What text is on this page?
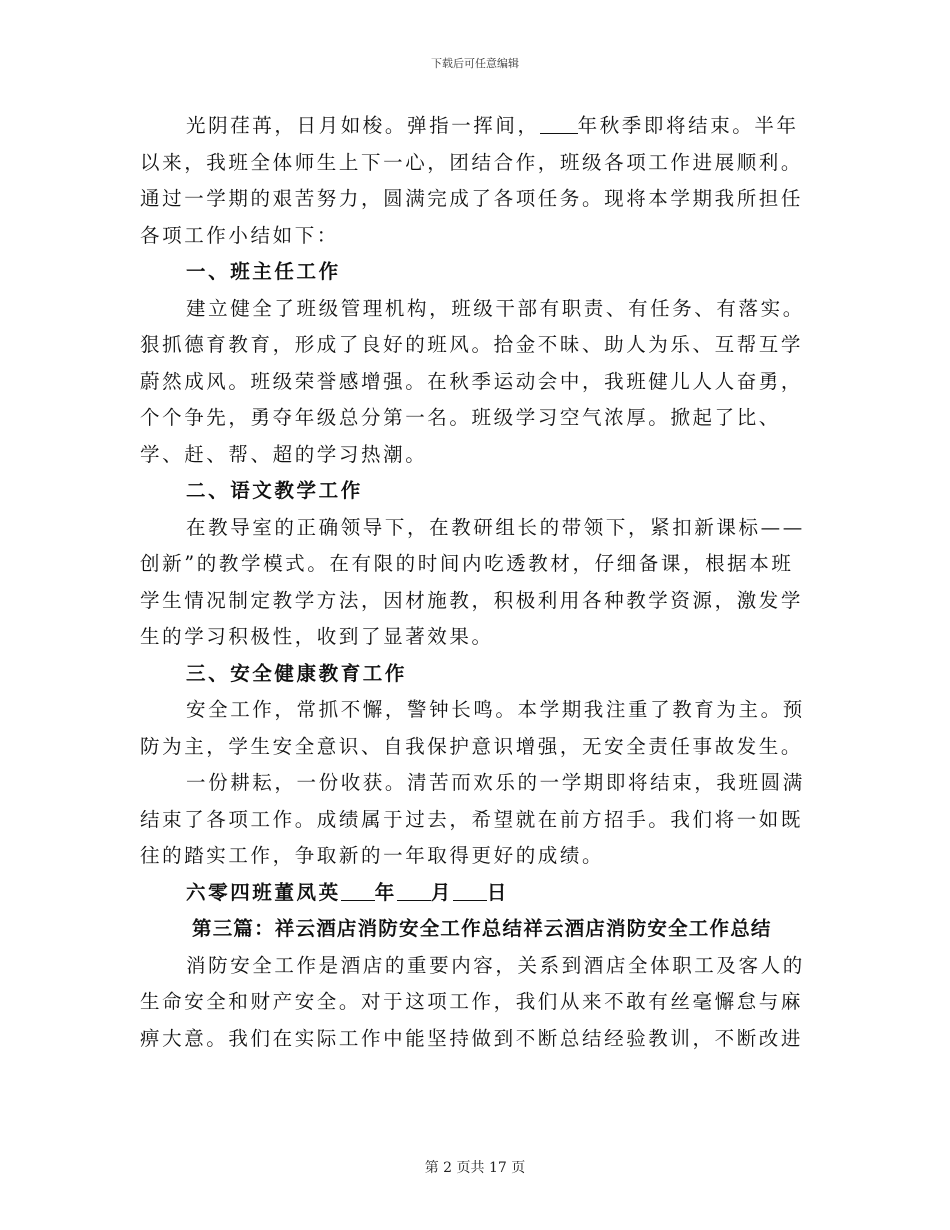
下载后可任意编辑

光阴荏苒，日月如梭。弹指一挥间， 年秋季即将结束。半年以来，我班全体师生上下一心，团结合作，班级各项工作进展顺利。通过一学期的艰苦努力，圆满完成了各项任务。现将本学期我所担任各项工作小结如下：

一、班主任工作

建立健全了班级管理机构，班级干部有职责、有任务、有落实。狠抓德育教育，形成了良好的班风。拾金不昧、助人为乐、互帮互学蔚然成风。班级荣誉感增强。在秋季运动会中，我班健儿人人奋勇，个个争先，勇夺年级总分第一名。班级学习空气浓厚。掀起了比、学、赶、帮、超的学习热潮。

二、语文教学工作

在教导室的正确领导下，在教研组长的带领下，紧扣新课标——创新”的教学模式。在有限的时间内吃透教材，仔细备课，根据本班学生情况制定教学方法，因材施教，积极利用各种教学资源，激发学生的学习积极性，收到了显著效果。

三、安全健康教育工作

安全工作，常抓不懈，警钟长鸣。本学期我注重了教育为主。预防为主，学生安全意识、自我保护意识增强，无安全责任事故发生。

一份耕耘，一份收获。清苦而欢乐的一学期即将结束，我班圆满结束了各项工作。成绩属于过去，希望就在前方招手。我们将一如既往的踏实工作，争取新的一年取得更好的成绩。

六零四班董凤英 年 月 日

第三篇：祥云酒店消防安全工作总结祥云酒店消防安全工作总结

消防安全工作是酒店的重要内容，关系到酒店全体职工及客人的生命安全和财产安全。对于这项工作，我们从来不敢有丝毫懈怠与麻痹大意。我们在实际工作中能坚持做到不断总结经验教训，不断改进

第 2 页共 17 页
